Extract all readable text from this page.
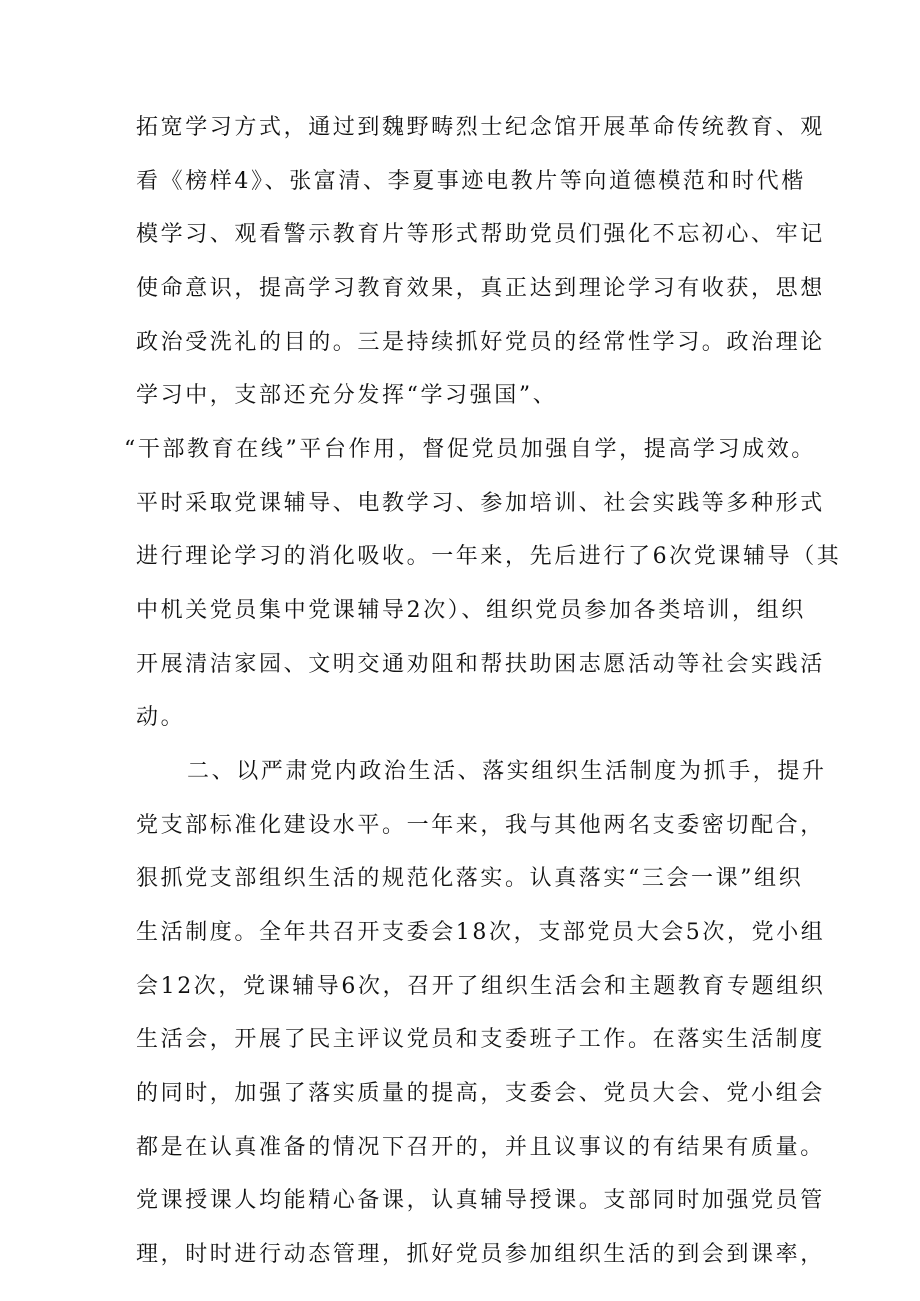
拓宽学习方式，通过到魏野畴烈士纪念馆开展革命传统教育、观
看《榜样4》、张富清、李夏事迹电教片等向道德模范和时代楷
模学习、观看警示教育片等形式帮助党员们强化不忘初心、牢记
使命意识，提高学习教育效果，真正达到理论学习有收获，思想
政治受洗礼的目的。三是持续抓好党员的经常性学习。政治理论
学习中，支部还充分发挥“学习强国”、
“干部教育在线”平台作用，督促党员加强自学，提高学习成效。
平时采取党课辅导、电教学习、参加培训、社会实践等多种形式
进行理论学习的消化吸收。一年来，先后进行了6次党课辅导（其
中机关党员集中党课辅导2次）、组织党员参加各类培训，组织
开展清洁家园、文明交通劝阻和帮扶助困志愿活动等社会实践活
动。
二、以严肃党内政治生活、落实组织生活制度为抓手，提升
党支部标准化建设水平。一年来，我与其他两名支委密切配合，
狠抓党支部组织生活的规范化落实。认真落实“三会一课”组织
生活制度。全年共召开支委会18次，支部党员大会5次，党小组
会12次，党课辅导6次，召开了组织生活会和主题教育专题组织
生活会，开展了民主评议党员和支委班子工作。在落实生活制度
的同时，加强了落实质量的提高，支委会、党员大会、党小组会
都是在认真准备的情况下召开的，并且议事议的有结果有质量。
党课授课人均能精心备课，认真辅导授课。支部同时加强党员管
理，时时进行动态管理，抓好党员参加组织生活的到会到课率，
